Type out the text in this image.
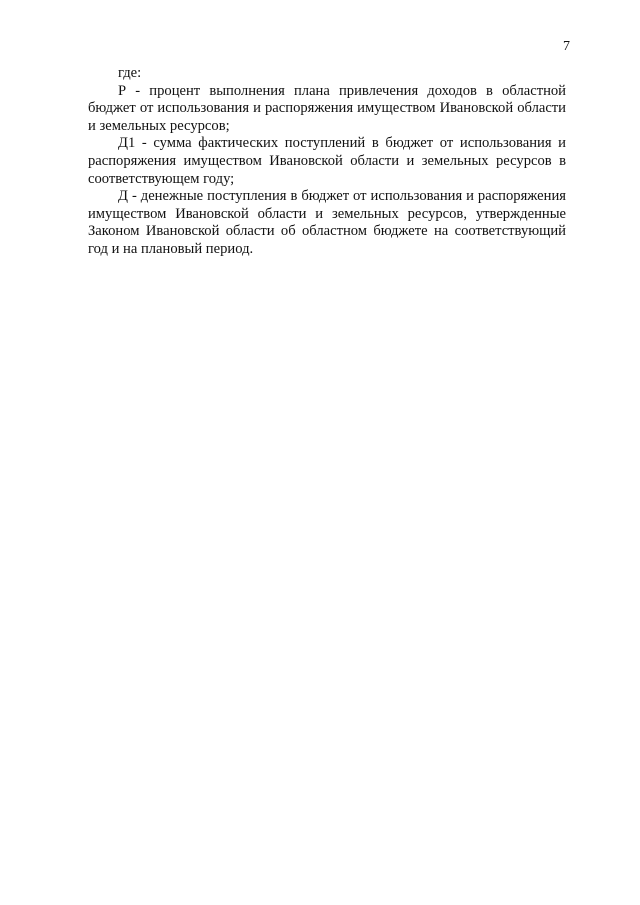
7

где:

Р - процент выполнения плана привлечения доходов в областной бюджет от использования и распоряжения имуществом Ивановской области и земельных ресурсов;

Д1 - сумма фактических поступлений в бюджет от использования и распоряжения имуществом Ивановской области и земельных ресурсов в соответствующем году;

Д - денежные поступления в бюджет от использования и распоряжения имуществом Ивановской области и земельных ресурсов, утвержденные Законом Ивановской области об областном бюджете на соответствующий год и на плановый период.
